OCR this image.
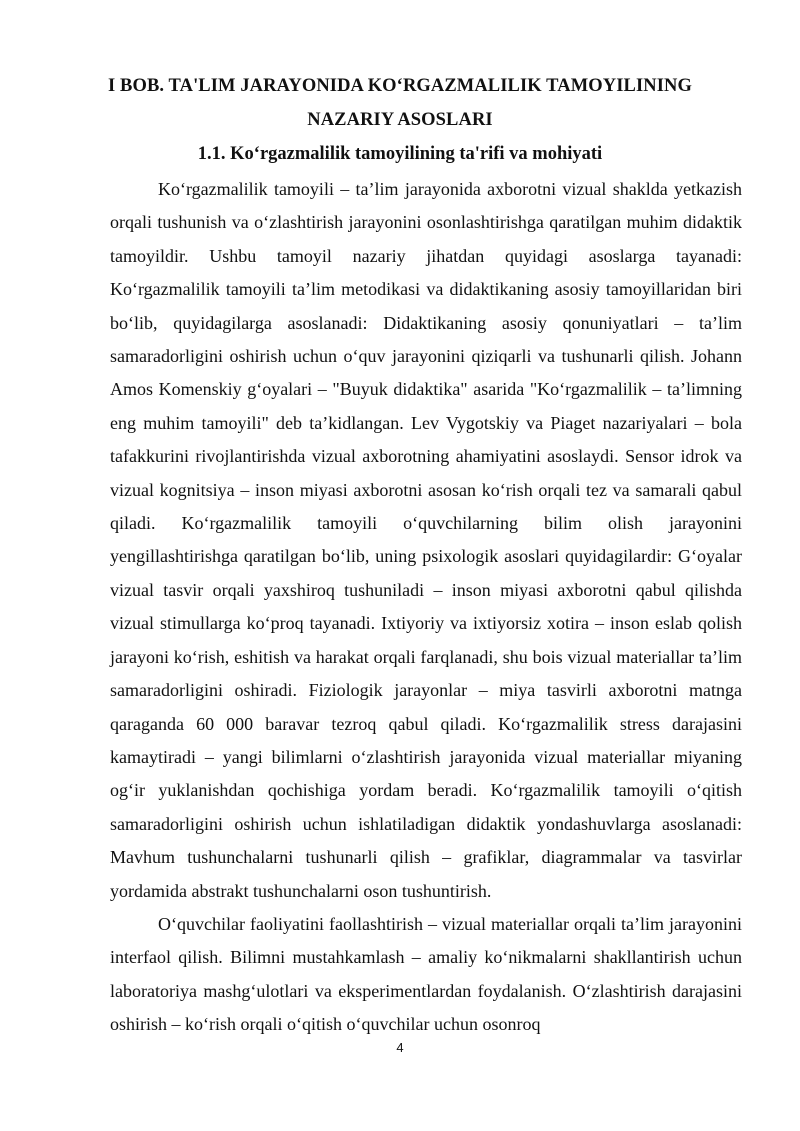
I BOB. TA'LIM JARAYONIDA KO‘RGAZMALILIK TAMOYILINING
NAZARIY ASOSLARI
1.1. Ko‘rgazmalilik tamoyilining ta'rifi va mohiyati

Ko‘rgazmalilik tamoyili – ta’lim jarayonida axborotni vizual shaklda yetkazish orqali tushunish va o‘zlashtirish jarayonini osonlashtirishga qaratilgan muhim didaktik tamoyildir. Ushbu tamoyil nazariy jihatdan quyidagi asoslarga tayanadi: Ko‘rgazmalilik tamoyili ta’lim metodikasi va didaktikaning asosiy tamoyillaridan biri bo‘lib, quyidagilarga asoslanadi: Didaktikaning asosiy qonuniyatlari – ta’lim samaradorligini oshirish uchun o‘quv jarayonini qiziqarli va tushunarli qilish. Johann Amos Komenskiy g‘oyalari – "Buyuk didaktika" asarida "Ko‘rgazmalilik – ta’limning eng muhim tamoyili" deb ta’kidlangan. Lev Vygotskiy va Piaget nazariyalari – bola tafakkurini rivojlantirishda vizual axborotning ahamiyatini asoslaydi. Sensor idrok va vizual kognitsiya – inson miyasi axborotni asosan ko‘rish orqali tez va samarali qabul qiladi. Ko‘rgazmalilik tamoyili o‘quvchilarning bilim olish jarayonini yengillashtirishga qaratilgan bo‘lib, uning psixologik asoslari quyidagilardir: G‘oyalar vizual tasvir orqali yaxshiroq tushuniladi – inson miyasi axborotni qabul qilishda vizual stimullarga ko‘proq tayanadi. Ixtiyoriy va ixtiyorsiz xotira – inson eslab qolish jarayoni ko‘rish, eshitish va harakat orqali farqlanadi, shu bois vizual materiallar ta’lim samaradorligini oshiradi. Fiziologik jarayonlar – miya tasvirli axborotni matnga qaraganda 60 000 baravar tezroq qabul qiladi. Ko‘rgazmalilik stress darajasini kamaytiradi – yangi bilimlarni o‘zlashtirish jarayonida vizual materiallar miyaning og‘ir yuklanishdan qochishiga yordam beradi. Ko‘rgazmalilik tamoyili o‘qitish samaradorligini oshirish uchun ishlatiladigan didaktik yondashuvlarga asoslanadi: Mavhum tushunchalarni tushunarli qilish – grafiklar, diagrammalar va tasvirlar yordamida abstrakt tushunchalarni oson tushuntirish.

O‘quvchilar faoliyatini faollashtirish – vizual materiallar orqali ta’lim jarayonini interfaol qilish. Bilimni mustahkamlash – amaliy ko‘nikmalarni shakllantirish uchun laboratoriya mashg‘ulotlari va eksperimentlardan foydalanish. O‘zlashtirish darajasini oshirish – ko‘rish orqali o‘qitish o‘quvchilar uchun osonroq

4
